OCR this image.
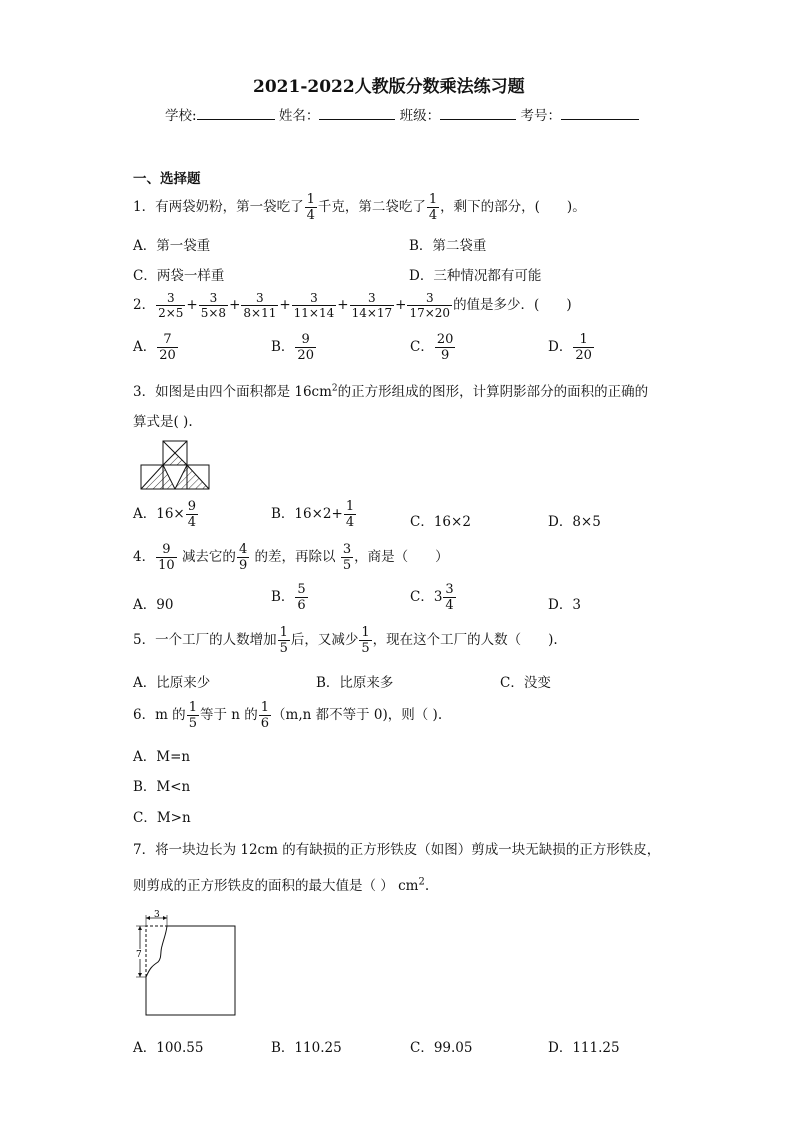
2021-2022人教版分数乘法练习题
学校:	姓名：	班级：	考号：
一、选择题
1．有两袋奶粉，第一袋吃了 $\frac{1}{4}$ 千克，第二袋吃了 $\frac{1}{4}$ ，剩下的部分，(　　)。
A．第一袋重	B．第二袋重
C．两袋一样重	D．三种情况都有可能
2． $\frac{3}{2\times 5} + \frac{3}{5\times 8} + \frac{3}{8\times 11} + \frac{3}{11\times 14} + \frac{3}{14\times 17} + \frac{3}{17\times 20}$ 的值是多少．(　　)
A． $\frac{7}{20}$	B． $\frac{9}{20}$	C． $\frac{20}{9}$	D． $\frac{1}{20}$
3．如图是由四个面积都是 $16cm^2$的正方形组成的图形，计算阴影部分的面积的正确的
算式是( ).
A．$16\times \frac{9}{4}$	B．$16\times 2+ \frac{1}{4}$	C．16×2	D．8×5
4． $\frac{9}{10}$ 减去它的 $\frac{4}{9}$ 的差，再除以 $\frac{3}{5}$ ，商是（　　）
A．90	B． $\frac{5}{6}$	C．$3 \frac{3}{4}$	D．3
5．一个工厂的人数增加 $\frac{1}{5}$ 后，又减少 $\frac{1}{5}$ ，现在这个工厂的人数（　　).
A．比原来少	B．比原来多	C．没变
6．m 的 $\frac{1}{5}$ 等于 n 的 $\frac{1}{6} (m,n$ 都不等于 0)，则（ ).
A．M=n
B．M<n
C．M>n
7．将一块边长为 12cm 的有缺损的正方形铁皮（如图）剪成一块无缺损的正方形铁皮，
则剪成的正方形铁皮的面积的最大值是（ ） $cm^2$.
3
7
A．100.55	B．110.25	C．99.05	D．111.25
